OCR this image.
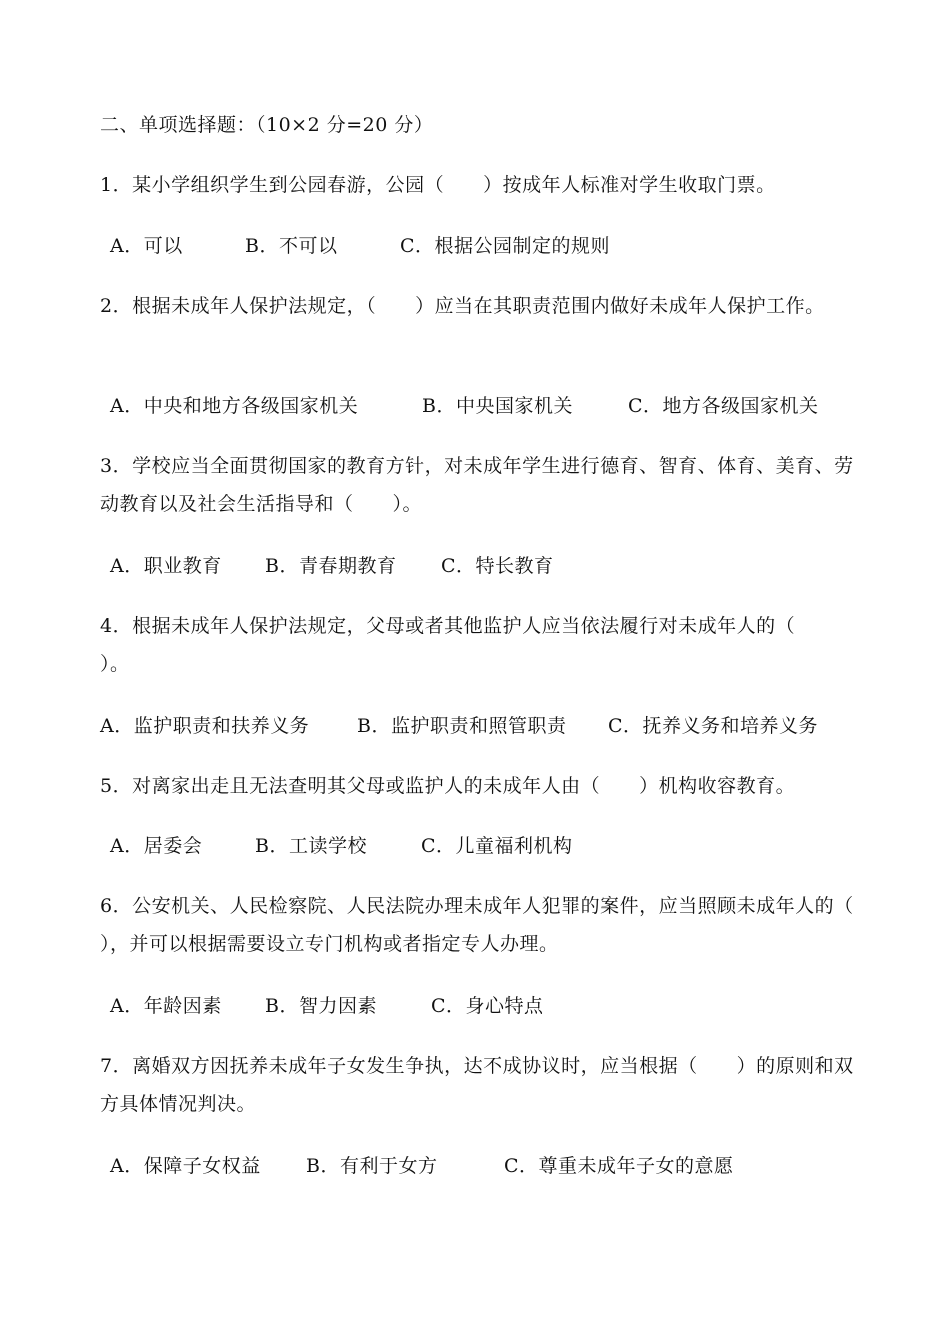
二、单项选择题：（10×2 分=20 分）
1．某小学组织学生到公园春游，公园（　　）按成年人标准对学生收取门票。
A．可以	B．不可以	C．根据公园制定的规则
2．根据未成年人保护法规定，（　　）应当在其职责范围内做好未成年人保护工作。
A．中央和地方各级国家机关	B．中央国家机关	C．地方各级国家机关
3．学校应当全面贯彻国家的教育方针，对未成年学生进行德育、智育、体育、美育、劳动教育以及社会生活指导和（　　）。
A．职业教育 B．青春期教育 C．特长教育
4．根据未成年人保护法规定，父母或者其他监护人应当依法履行对未成年人的（　　）。
A．监护职责和扶养义务	B．监护职责和照管职责 C．抚养义务和培养义务
5．对离家出走且无法查明其父母或监护人的未成年人由（　　）机构收容教育。
A．居委会	B．工读学校	C．儿童福利机构
6．公安机关、人民检察院、人民法院办理未成年人犯罪的案件，应当照顾未成年人的（　　），并可以根据需要设立专门机构或者指定专人办理。
A．年龄因素 B．智力因素	C．身心特点
7．离婚双方因抚养未成年子女发生争执，达不成协议时，应当根据（　　）的原则和双方具体情况判决。
A．保障子女权益 B．有利于女方	C．尊重未成年子女的意愿
